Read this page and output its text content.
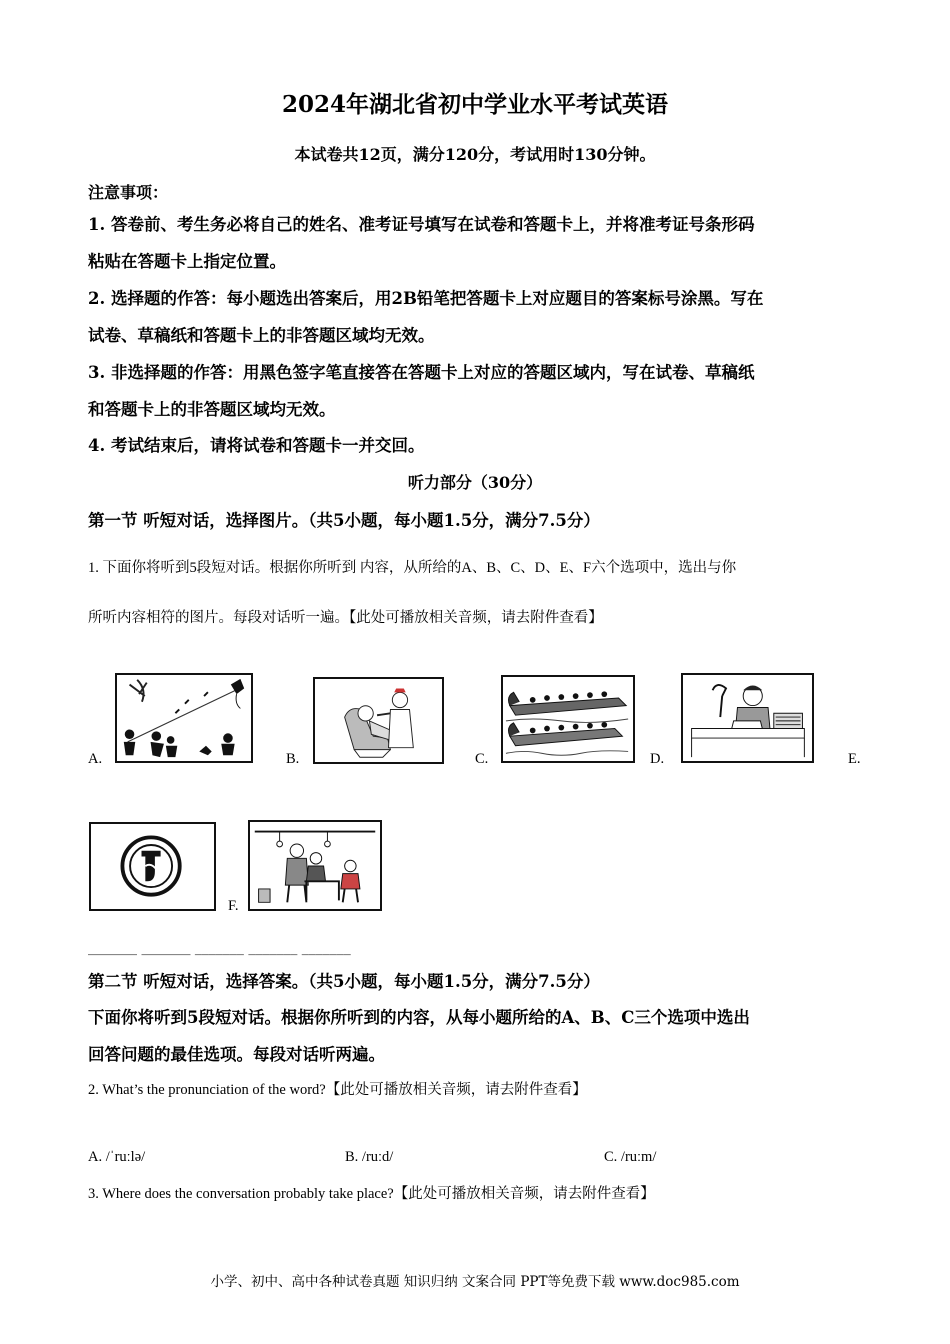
2024年湖北省初中学业水平考试英语
本试卷共12页，满分120分，考试用时130分钟。
注意事项：
1. 答卷前、考生务必将自己的姓名、准考证号填写在试卷和答题卡上，并将准考证号条形码
粘贴在答题卡上指定位置。
2. 选择题的作答：每小题选出答案后，用2B铅笔把答题卡上对应题目的答案标号涂黑。写在
试卷、草稿纸和答题卡上的非答题区域均无效。
3. 非选择题的作答：用黑色签字笔直接答在答题卡上对应的答题区域内，写在试卷、草稿纸
和答题卡上的非答题区域均无效。
4. 考试结束后，请将试卷和答题卡一并交回。
听力部分（30分）
第一节 听短对话，选择图片。（共5小题，每小题1.5分，满分7.5分）
1. 下面你将听到5段短对话。根据你所听到 内容，从所给的A、B、C、D、E、F六个选项中，选出与你
所听内容相符的图片。每段对话听一遍。【此处可播放相关音频，请去附件查看】
A.	B.	C.	D.	E.
F.
_______ _______ _______ _______ _______
第二节 听短对话，选择答案。（共5小题，每小题1.5分，满分7.5分）
下面你将听到5段短对话。根据你所听到的内容，从每小题所给的A、B、C三个选项中选出
回答问题的最佳选项。每段对话听两遍。
2. What’s the pronunciation of the word?【此处可播放相关音频，请去附件查看】
A. /ˈruːlə/	B. /ruːd/	C. /ruːm/
3. Where does the conversation probably take place?【此处可播放相关音频，请去附件查看】
小学、初中、高中各种试卷真题 知识归纳 文案合同 PPT等免费下载 www.doc985.com
